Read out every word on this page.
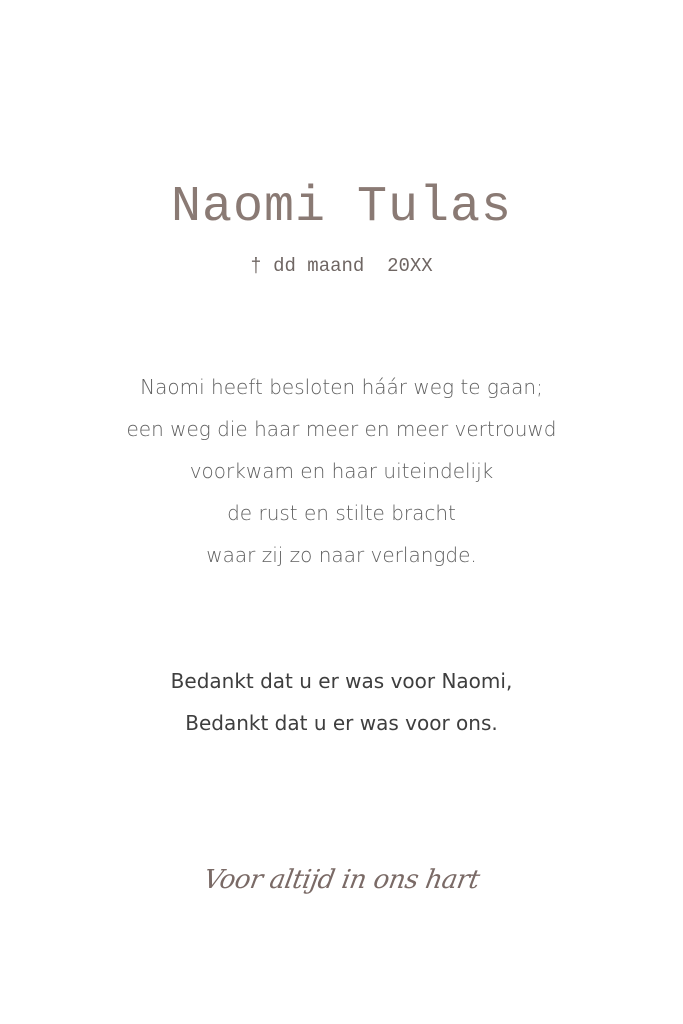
Naomi Tulas
† dd maand  20XX
Naomi heeft besloten háár weg te gaan;
een weg die haar meer en meer vertrouwd
voorkwam en haar uiteindelijk
de rust en stilte bracht
waar zij zo naar verlangde.
Bedankt dat u er was voor Naomi,
Bedankt dat u er was voor ons.
Voor altijd in ons hart
